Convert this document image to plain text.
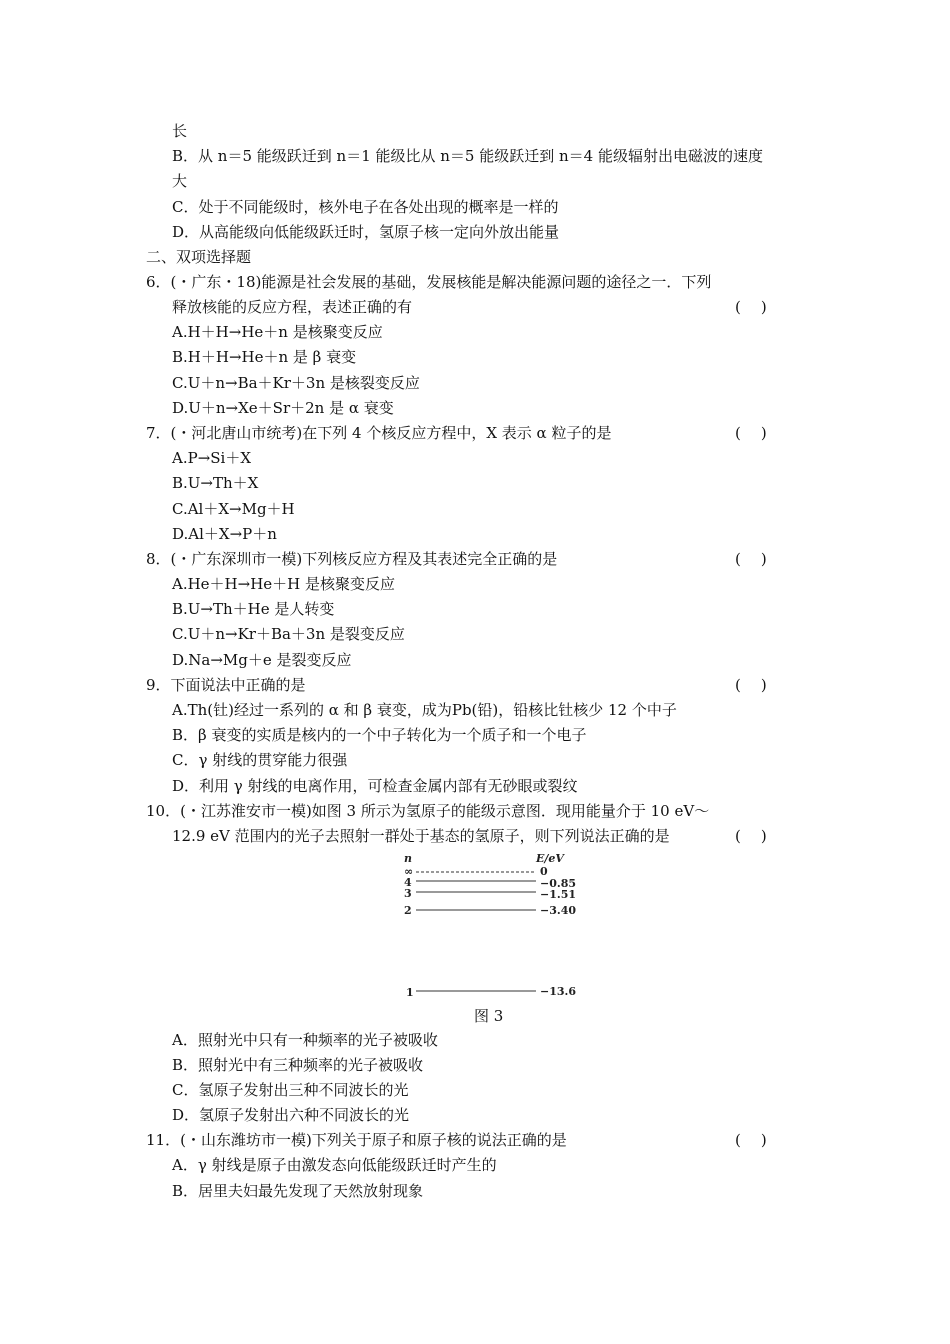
长
B．从 n＝5 能级跃迁到 n＝1 能级比从 n＝5 能级跃迁到 n＝4 能级辐射出电磁波的速度
大
C．处于不同能级时，核外电子在各处出现的概率是一样的
D．从高能级向低能级跃迁时，氢原子核一定向外放出能量
二、双项选择题
6．(・广东・18)能源是社会发展的基础，发展核能是解决能源问题的途径之一．下列
释放核能的反应方程，表述正确的有	( )
A.H＋H→He＋n 是核聚变反应
B.H＋H→He＋n 是 β 衰变
C.U＋n→Ba＋Kr＋3n 是核裂变反应
D.U＋n→Xe＋Sr＋2n 是 α 衰变
7．(・河北唐山市统考)在下列 4 个核反应方程中，X 表示 α 粒子的是	( )
A.P→Si＋X
B.U→Th＋X
C.Al＋X→Mg＋H
D.Al＋X→P＋n
8．(・广东深圳市一模)下列核反应方程及其表述完全正确的是	( )
A.He＋H→He＋H 是核聚变反应
B.U→Th＋He 是人转变
C.U＋n→Kr＋Ba＋3n 是裂变反应
D.Na→Mg＋e 是裂变反应
9．下面说法中正确的是	( )
A.Th(钍)经过一系列的 α 和 β 衰变，成为Pb(铅)，铅核比钍核少 12 个中子
B．β 衰变的实质是核内的一个中子转化为一个质子和一个电子
C．γ 射线的贯穿能力很强
D．利用 γ 射线的电离作用，可检查金属内部有无砂眼或裂纹
10．(・江苏淮安市一模)如图 3 所示为氢原子的能级示意图．现用能量介于 10 eV～
12.9 eV 范围内的光子去照射一群处于基态的氢原子，则下列说法正确的是	( )
n	E/eV
∞	0
4	−0.85
3	−1.51
2	−3.40
1	−13.6
图 3
A．照射光中只有一种频率的光子被吸收
B．照射光中有三种频率的光子被吸收
C．氢原子发射出三种不同波长的光
D．氢原子发射出六种不同波长的光
11．(・山东潍坊市一模)下列关于原子和原子核的说法正确的是	( )
A．γ 射线是原子由激发态向低能级跃迁时产生的
B．居里夫妇最先发现了天然放射现象
